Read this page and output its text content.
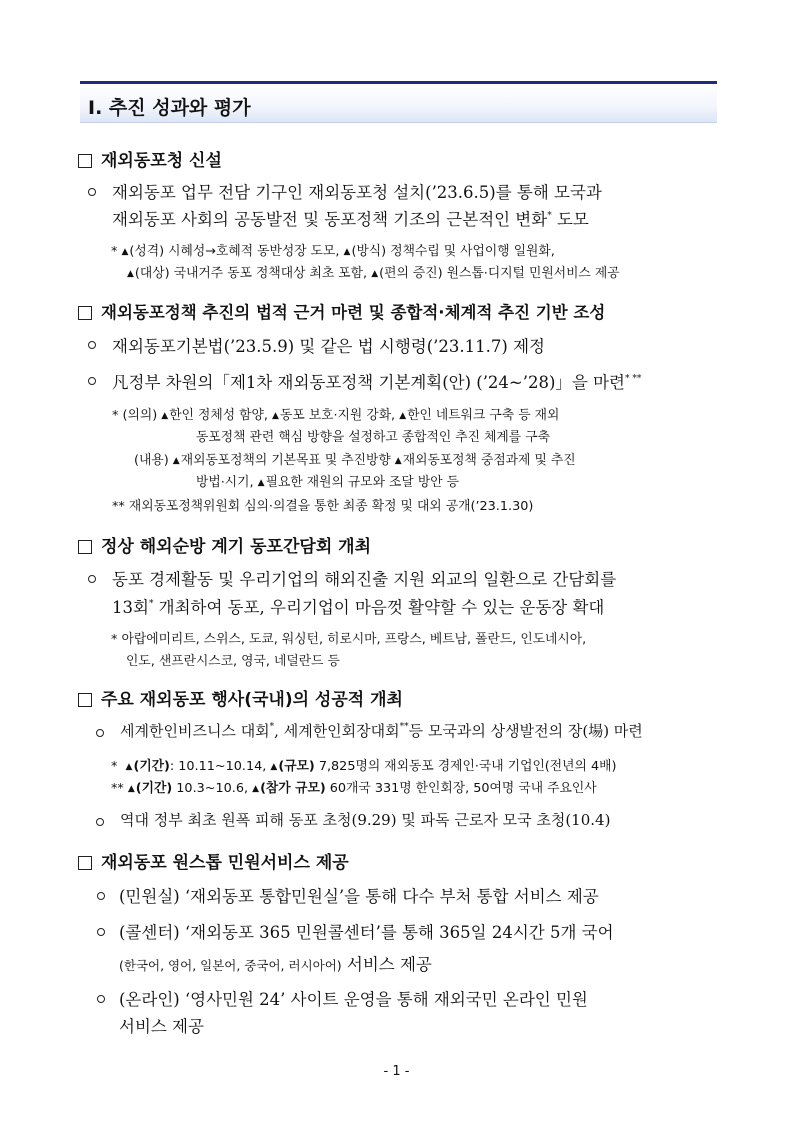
I. 추진 성과와 평가
재외동포청 신설
재외동포 업무 전담 기구인 재외동포청 설치(’23.6.5)를 통해 모국과
재외동포 사회의 공동발전 및 동포정책 기조의 근본적인 변화* 도모
* ▲(성격) 시혜성→호혜적 동반성장 도모, ▲(방식) 정책수립 및 사업이행 일원화,
▲(대상) 국내거주 동포 정책대상 최초 포함, ▲(편의 증진) 원스톱·디지털 민원서비스 제공
재외동포정책 추진의 법적 근거 마련 및 종합적·체계적 추진 기반 조성
재외동포기본법(’23.5.9) 및 같은 법 시행령(’23.11.7) 제정
凡정부 차원의「제1차 재외동포정책 기본계획(안) (’24~’28)」을 마련* **
* (의의) ▲한인 정체성 함양, ▲동포 보호·지원 강화, ▲한인 네트워크 구축 등 재외
동포정책 관련 핵심 방향을 설정하고 종합적인 추진 체계를 구축
(내용) ▲재외동포정책의 기본목표 및 추진방향 ▲재외동포정책 중점과제 및 추진
방법·시기, ▲필요한 재원의 규모와 조달 방안 등
** 재외동포정책위원회 심의·의결을 통한 최종 확정 및 대외 공개(’23.1.30)
정상 해외순방 계기 동포간담회 개최
동포 경제활동 및 우리기업의 해외진출 지원 외교의 일환으로 간담회를
13회* 개최하여 동포, 우리기업이 마음껏 활약할 수 있는 운동장 확대
* 아랍에미리트, 스위스, 도쿄, 워싱턴, 히로시마, 프랑스, 베트남, 폴란드, 인도네시아,
인도, 샌프란시스코, 영국, 네덜란드 등
주요 재외동포 행사(국내)의 성공적 개최
세계한인비즈니스 대회*, 세계한인회장대회**등 모국과의 상생발전의 장(場) 마련
* ▲(기간): 10.11~10.14, ▲(규모) 7,825명의 재외동포 경제인·국내 기업인(전년의 4배)
** ▲(기간) 10.3~10.6, ▲(참가 규모) 60개국 331명 한인회장, 50여명 국내 주요인사
역대 정부 최초 원폭 피해 동포 초청(9.29) 및 파독 근로자 모국 초청(10.4)
재외동포 원스톱 민원서비스 제공
(민원실) ‘재외동포 통합민원실’을 통해 다수 부처 통합 서비스 제공
(콜센터) ‘재외동포 365 민원콜센터’를 통해 365일 24시간 5개 국어
(한국어, 영어, 일본어, 중국어, 러시아어) 서비스 제공
(온라인) ‘영사민원 24’ 사이트 운영을 통해 재외국민 온라인 민원
서비스 제공
- 1 -
